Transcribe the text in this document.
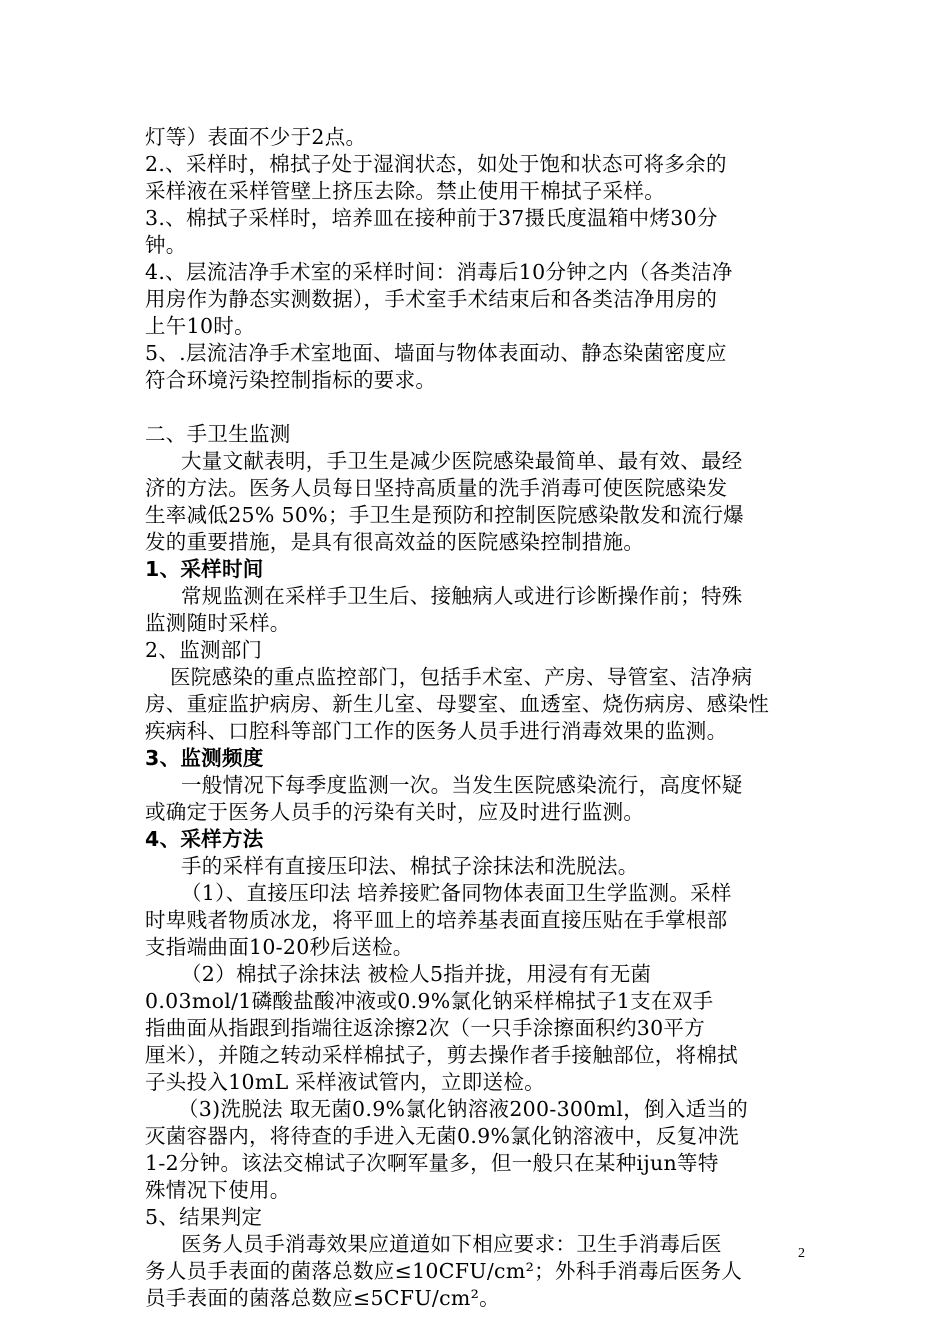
灯等）表面不少于2点。
2.、采样时，棉拭子处于湿润状态，如处于饱和状态可将多余的
采样液在采样管壁上挤压去除。禁止使用干棉拭子采样。
3.、棉拭子采样时，培养皿在接种前于37摄氏度温箱中烤30分
钟。
4.、层流洁净手术室的采样时间：消毒后10分钟之内（各类洁净
用房作为静态实测数据），手术室手术结束后和各类洁净用房的
上午10时。
5、.层流洁净手术室地面、墙面与物体表面动、静态染菌密度应
符合环境污染控制指标的要求。
二、手卫生监测
大量文献表明，手卫生是减少医院感染最简单、最有效、最经
济的方法。医务人员每日坚持高质量的洗手消毒可使医院感染发
生率减低25% 50%；手卫生是预防和控制医院感染散发和流行爆
发的重要措施，是具有很高效益的医院感染控制措施。
1、采样时间
常规监测在采样手卫生后、接触病人或进行诊断操作前；特殊
监测随时采样。
2、监测部门
医院感染的重点监控部门，包括手术室、产房、导管室、洁净病
房、重症监护病房、新生儿室、母婴室、血透室、烧伤病房、感染性
疾病科、口腔科等部门工作的医务人员手进行消毒效果的监测。
3、监测频度
一般情况下每季度监测一次。当发生医院感染流行，高度怀疑
或确定于医务人员手的污染有关时，应及时进行监测。
4、采样方法
手的采样有直接压印法、棉拭子涂抹法和洗脱法。
（1）、直接压印法 培养接贮备同物体表面卫生学监测。采样
时卑贱者物质冰龙，将平皿上的培养基表面直接压贴在手掌根部
支指端曲面10-20秒后送检。
（2）棉拭子涂抹法 被检人5指并拢，用浸有有无菌
0.03mol/1磷酸盐酸冲液或0.9%氯化钠采样棉拭子1支在双手
指曲面从指跟到指端往返涂擦2次（一只手涂擦面积约30平方
厘米），并随之转动采样棉拭子，剪去操作者手接触部位，将棉拭
子头投入10mL 采样液试管内，立即送检。
（3)洗脱法 取无菌0.9%氯化钠溶液200-300ml，倒入适当的
灭菌容器内，将待查的手进入无菌0.9%氯化钠溶液中，反复冲洗
1-2分钟。该法交棉试子次啊军量多，但一般只在某种ijun等特
殊情况下使用。
5、结果判定
医务人员手消毒效果应道道如下相应要求：卫生手消毒后医
务人员手表面的菌落总数应≤10CFU/cm²；外科手消毒后医务人
员手表面的菌落总数应≤5CFU/cm²。
2
